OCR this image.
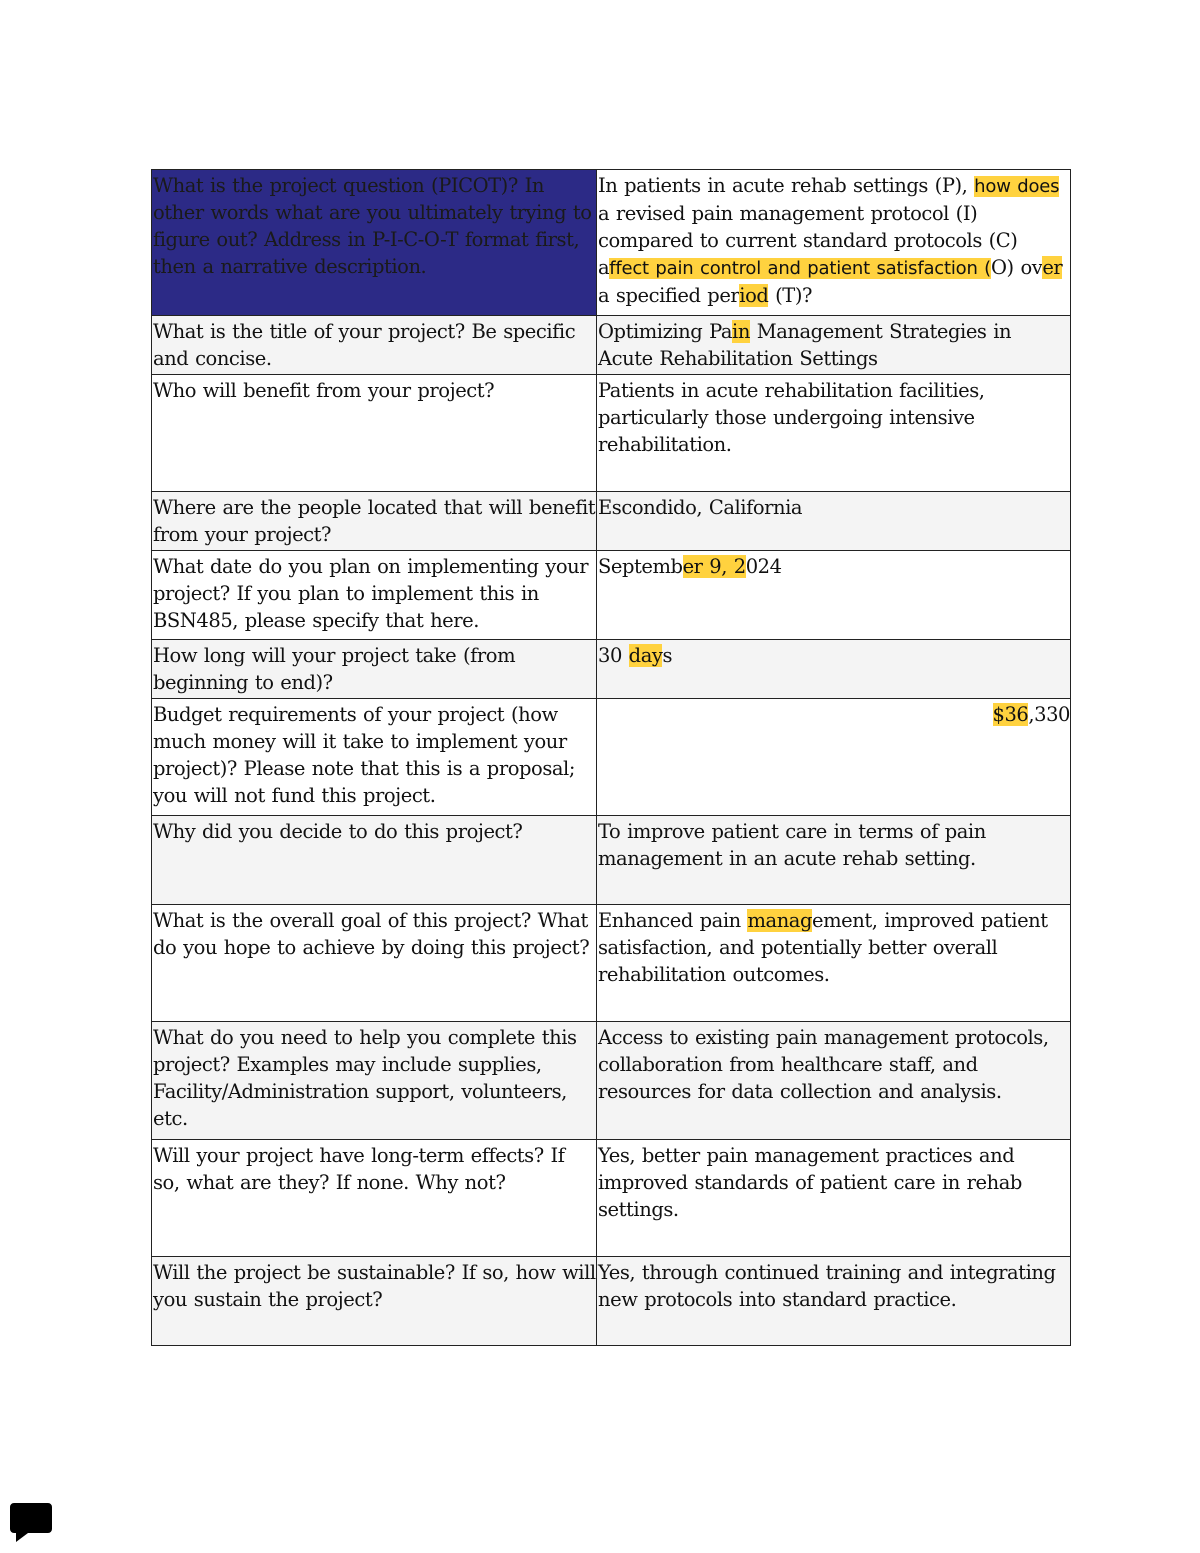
What is the project question (PICOT)? In other words what are you ultimately trying to figure out? Address in P-I-C-O-T format first, then a narrative description.	In patients in acute rehab settings (P), how does a revised pain management protocol (I) compared to current standard protocols (C) affect pain control and patient satisfaction (O) over a specified period (T)?
What is the title of your project? Be specific and concise.	Optimizing Pain Management Strategies in Acute Rehabilitation Settings
Who will benefit from your project?	Patients in acute rehabilitation facilities, particularly those undergoing intensive rehabilitation.
Where are the people located that will benefit from your project?	Escondido, California
What date do you plan on implementing your project? If you plan to implement this in BSN485, please specify that here.	September 9, 2024
How long will your project take (from beginning to end)?	30 days
Budget requirements of your project (how much money will it take to implement your project)? Please note that this is a proposal; you will not fund this project.	$36,330
Why did you decide to do this project?	To improve patient care in terms of pain management in an acute rehab setting.
What is the overall goal of this project? What do you hope to achieve by doing this project?	Enhanced pain management, improved patient satisfaction, and potentially better overall rehabilitation outcomes.
What do you need to help you complete this project? Examples may include supplies, Facility/Administration support, volunteers, etc.	Access to existing pain management protocols, collaboration from healthcare staff, and resources for data collection and analysis.
Will your project have long-term effects? If so, what are they? If none. Why not?	Yes, better pain management practices and improved standards of patient care in rehab settings.
Will the project be sustainable? If so, how will you sustain the project?	Yes, through continued training and integrating new protocols into standard practice.
